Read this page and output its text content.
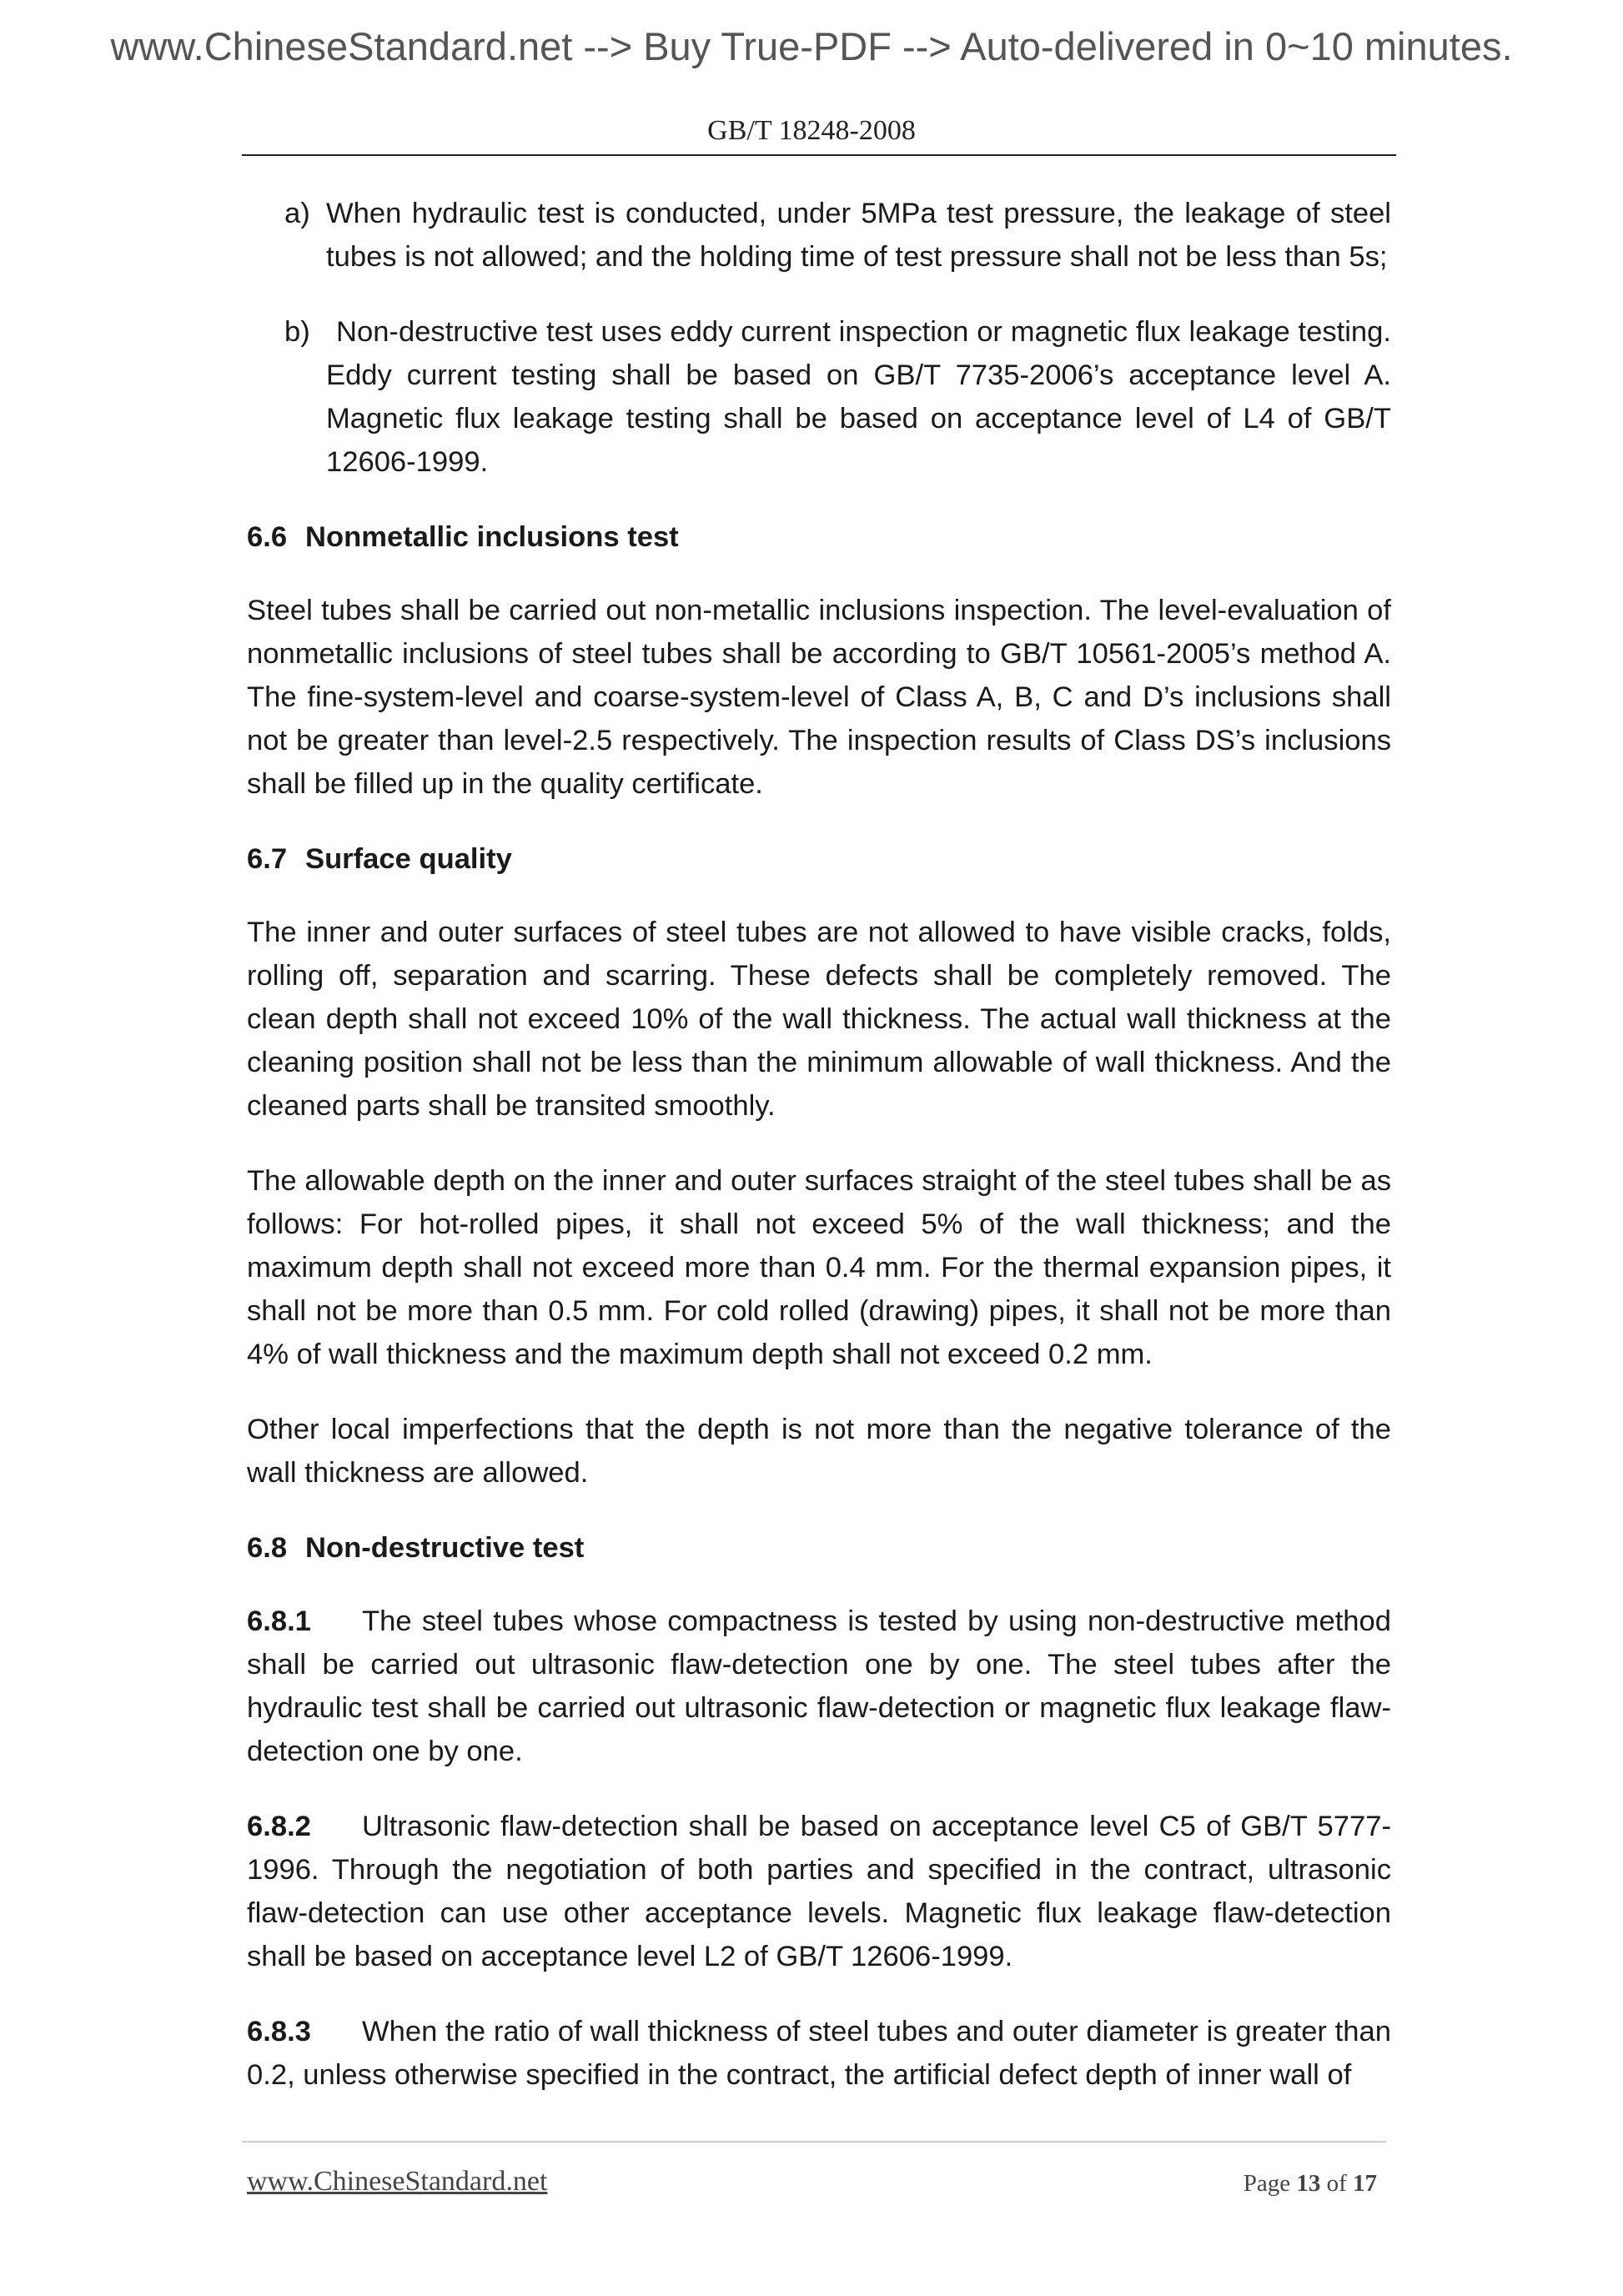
www.ChineseStandard.net --> Buy True-PDF --> Auto-delivered in 0~10 minutes.
GB/T 18248-2008
a) When hydraulic test is conducted, under 5MPa test pressure, the leakage of steel tubes is not allowed; and the holding time of test pressure shall not be less than 5s;

b) Non-destructive test uses eddy current inspection or magnetic flux leakage testing. Eddy current testing shall be based on GB/T 7735-2006’s acceptance level A. Magnetic flux leakage testing shall be based on acceptance level of L4 of GB/T 12606-1999.

6.6 Nonmetallic inclusions test

Steel tubes shall be carried out non-metallic inclusions inspection. The level-evaluation of nonmetallic inclusions of steel tubes shall be according to GB/T 10561-2005’s method A. The fine-system-level and coarse-system-level of Class A, B, C and D’s inclusions shall not be greater than level-2.5 respectively. The inspection results of Class DS’s inclusions shall be filled up in the quality certificate.

6.7 Surface quality

The inner and outer surfaces of steel tubes are not allowed to have visible cracks, folds, rolling off, separation and scarring. These defects shall be completely removed. The clean depth shall not exceed 10% of the wall thickness. The actual wall thickness at the cleaning position shall not be less than the minimum allowable of wall thickness. And the cleaned parts shall be transited smoothly.

The allowable depth on the inner and outer surfaces straight of the steel tubes shall be as follows: For hot-rolled pipes, it shall not exceed 5% of the wall thickness; and the maximum depth shall not exceed more than 0.4 mm. For the thermal expansion pipes, it shall not be more than 0.5 mm. For cold rolled (drawing) pipes, it shall not be more than 4% of wall thickness and the maximum depth shall not exceed 0.2 mm.

Other local imperfections that the depth is not more than the negative tolerance of the wall thickness are allowed.

6.8 Non-destructive test

6.8.1 The steel tubes whose compactness is tested by using non-destructive method shall be carried out ultrasonic flaw-detection one by one. The steel tubes after the hydraulic test shall be carried out ultrasonic flaw-detection or magnetic flux leakage flaw-detection one by one.

6.8.2 Ultrasonic flaw-detection shall be based on acceptance level C5 of GB/T 5777-1996. Through the negotiation of both parties and specified in the contract, ultrasonic flaw-detection can use other acceptance levels. Magnetic flux leakage flaw-detection shall be based on acceptance level L2 of GB/T 12606-1999.

6.8.3 When the ratio of wall thickness of steel tubes and outer diameter is greater than 0.2, unless otherwise specified in the contract, the artificial defect depth of inner wall of

www.ChineseStandard.net	Page 13 of 17
